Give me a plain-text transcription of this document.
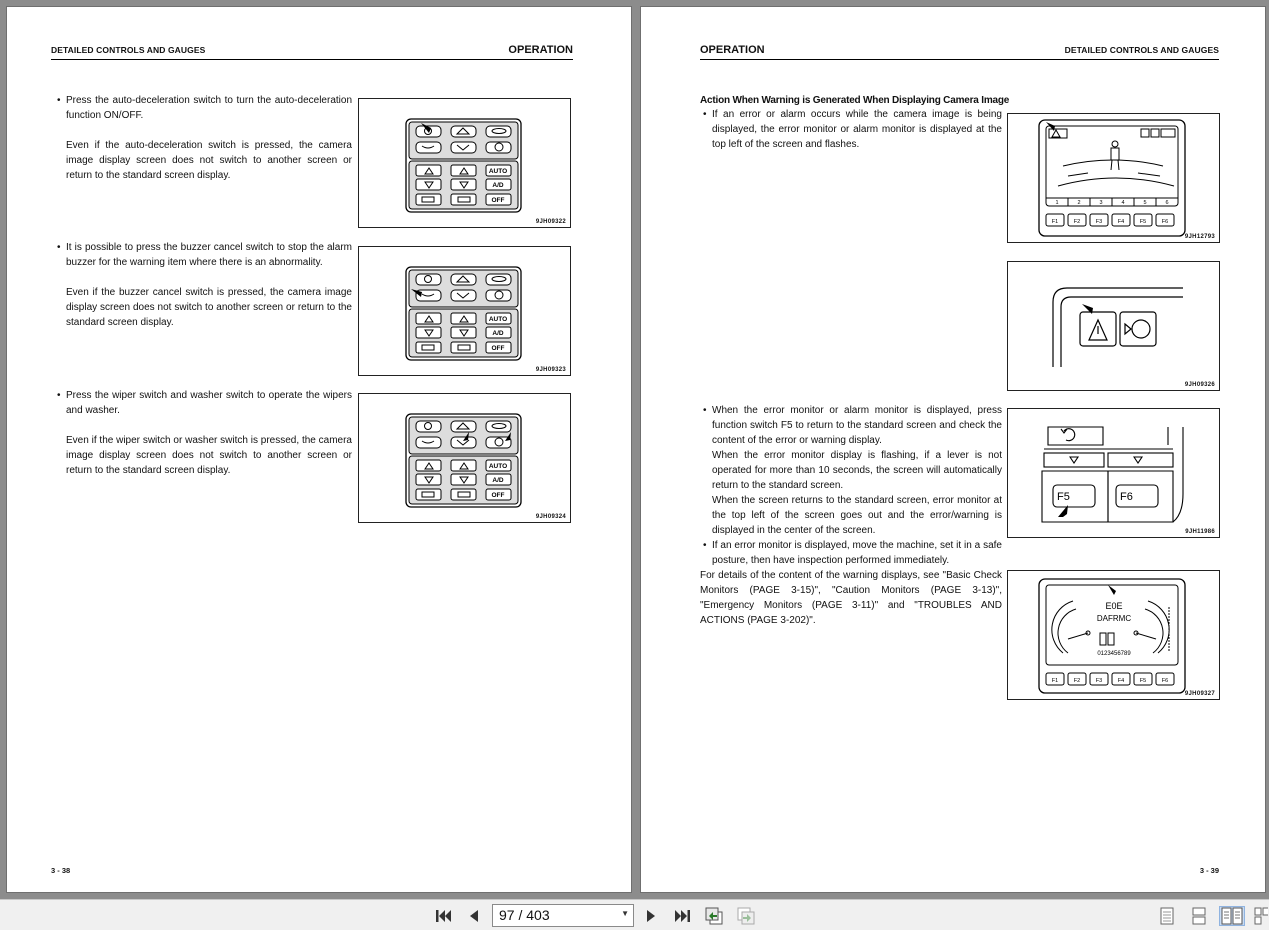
DETAILED CONTROLS AND GAUGES	OPERATION
• Press the auto-deceleration switch to turn the auto-deceleration function ON/OFF.
Even if the auto-deceleration switch is pressed, the camera image display screen does not switch to another screen or return to the standard screen display.	AUTO
A/D
OFF
9JH09322
• It is possible to press the buzzer cancel switch to stop the alarm buzzer for the warning item where there is an abnormality.
Even if the buzzer cancel switch is pressed, the camera image display screen does not switch to another screen or return to the standard screen display.	AUTO
A/D
OFF
9JH09323
• Press the wiper switch and washer switch to operate the wipers and washer.
Even if the wiper switch or washer switch is pressed, the camera image display screen does not switch to another screen or return to the standard screen display.	AUTO
A/D
OFF
9JH09324
3 - 38
OPERATION	DETAILED CONTROLS AND GAUGES
Action When Warning is Generated When Displaying Camera Image
• If an error or alarm occurs while the camera image is being displayed, the error monitor or alarm monitor is displayed at the top left of the screen and flashes.
• When the error monitor or alarm monitor is displayed, press function switch F5 to return to the standard screen and check the content of the error or warning display.
When the error monitor display is flashing, if a lever is not operated for more than 10 seconds, the screen will automatically return to the standard screen.
When the screen returns to the standard screen, error monitor at the top left of the screen goes out and the error/warning is displayed in the center of the screen.
• If an error monitor is displayed, move the machine, set it in a safe posture, then have inspection performed immediately.
For details of the content of the warning displays, see "Basic Check Monitors (PAGE 3-15)", "Caution Monitors (PAGE 3-13)", "Emergency Monitors (PAGE 3-11)" and "TROUBLES AND ACTIONS (PAGE 3-202)".
1	2	3	4	5	6
F1	F2	F3	F4	F5	F6
9JH12793
9JH09326
F5	F6
9JH11986
E0E
DAFRMC
0123456789
F1	F2	F3	F4	F5	F6
9JH09327
3 - 39
97 / 403	▼
